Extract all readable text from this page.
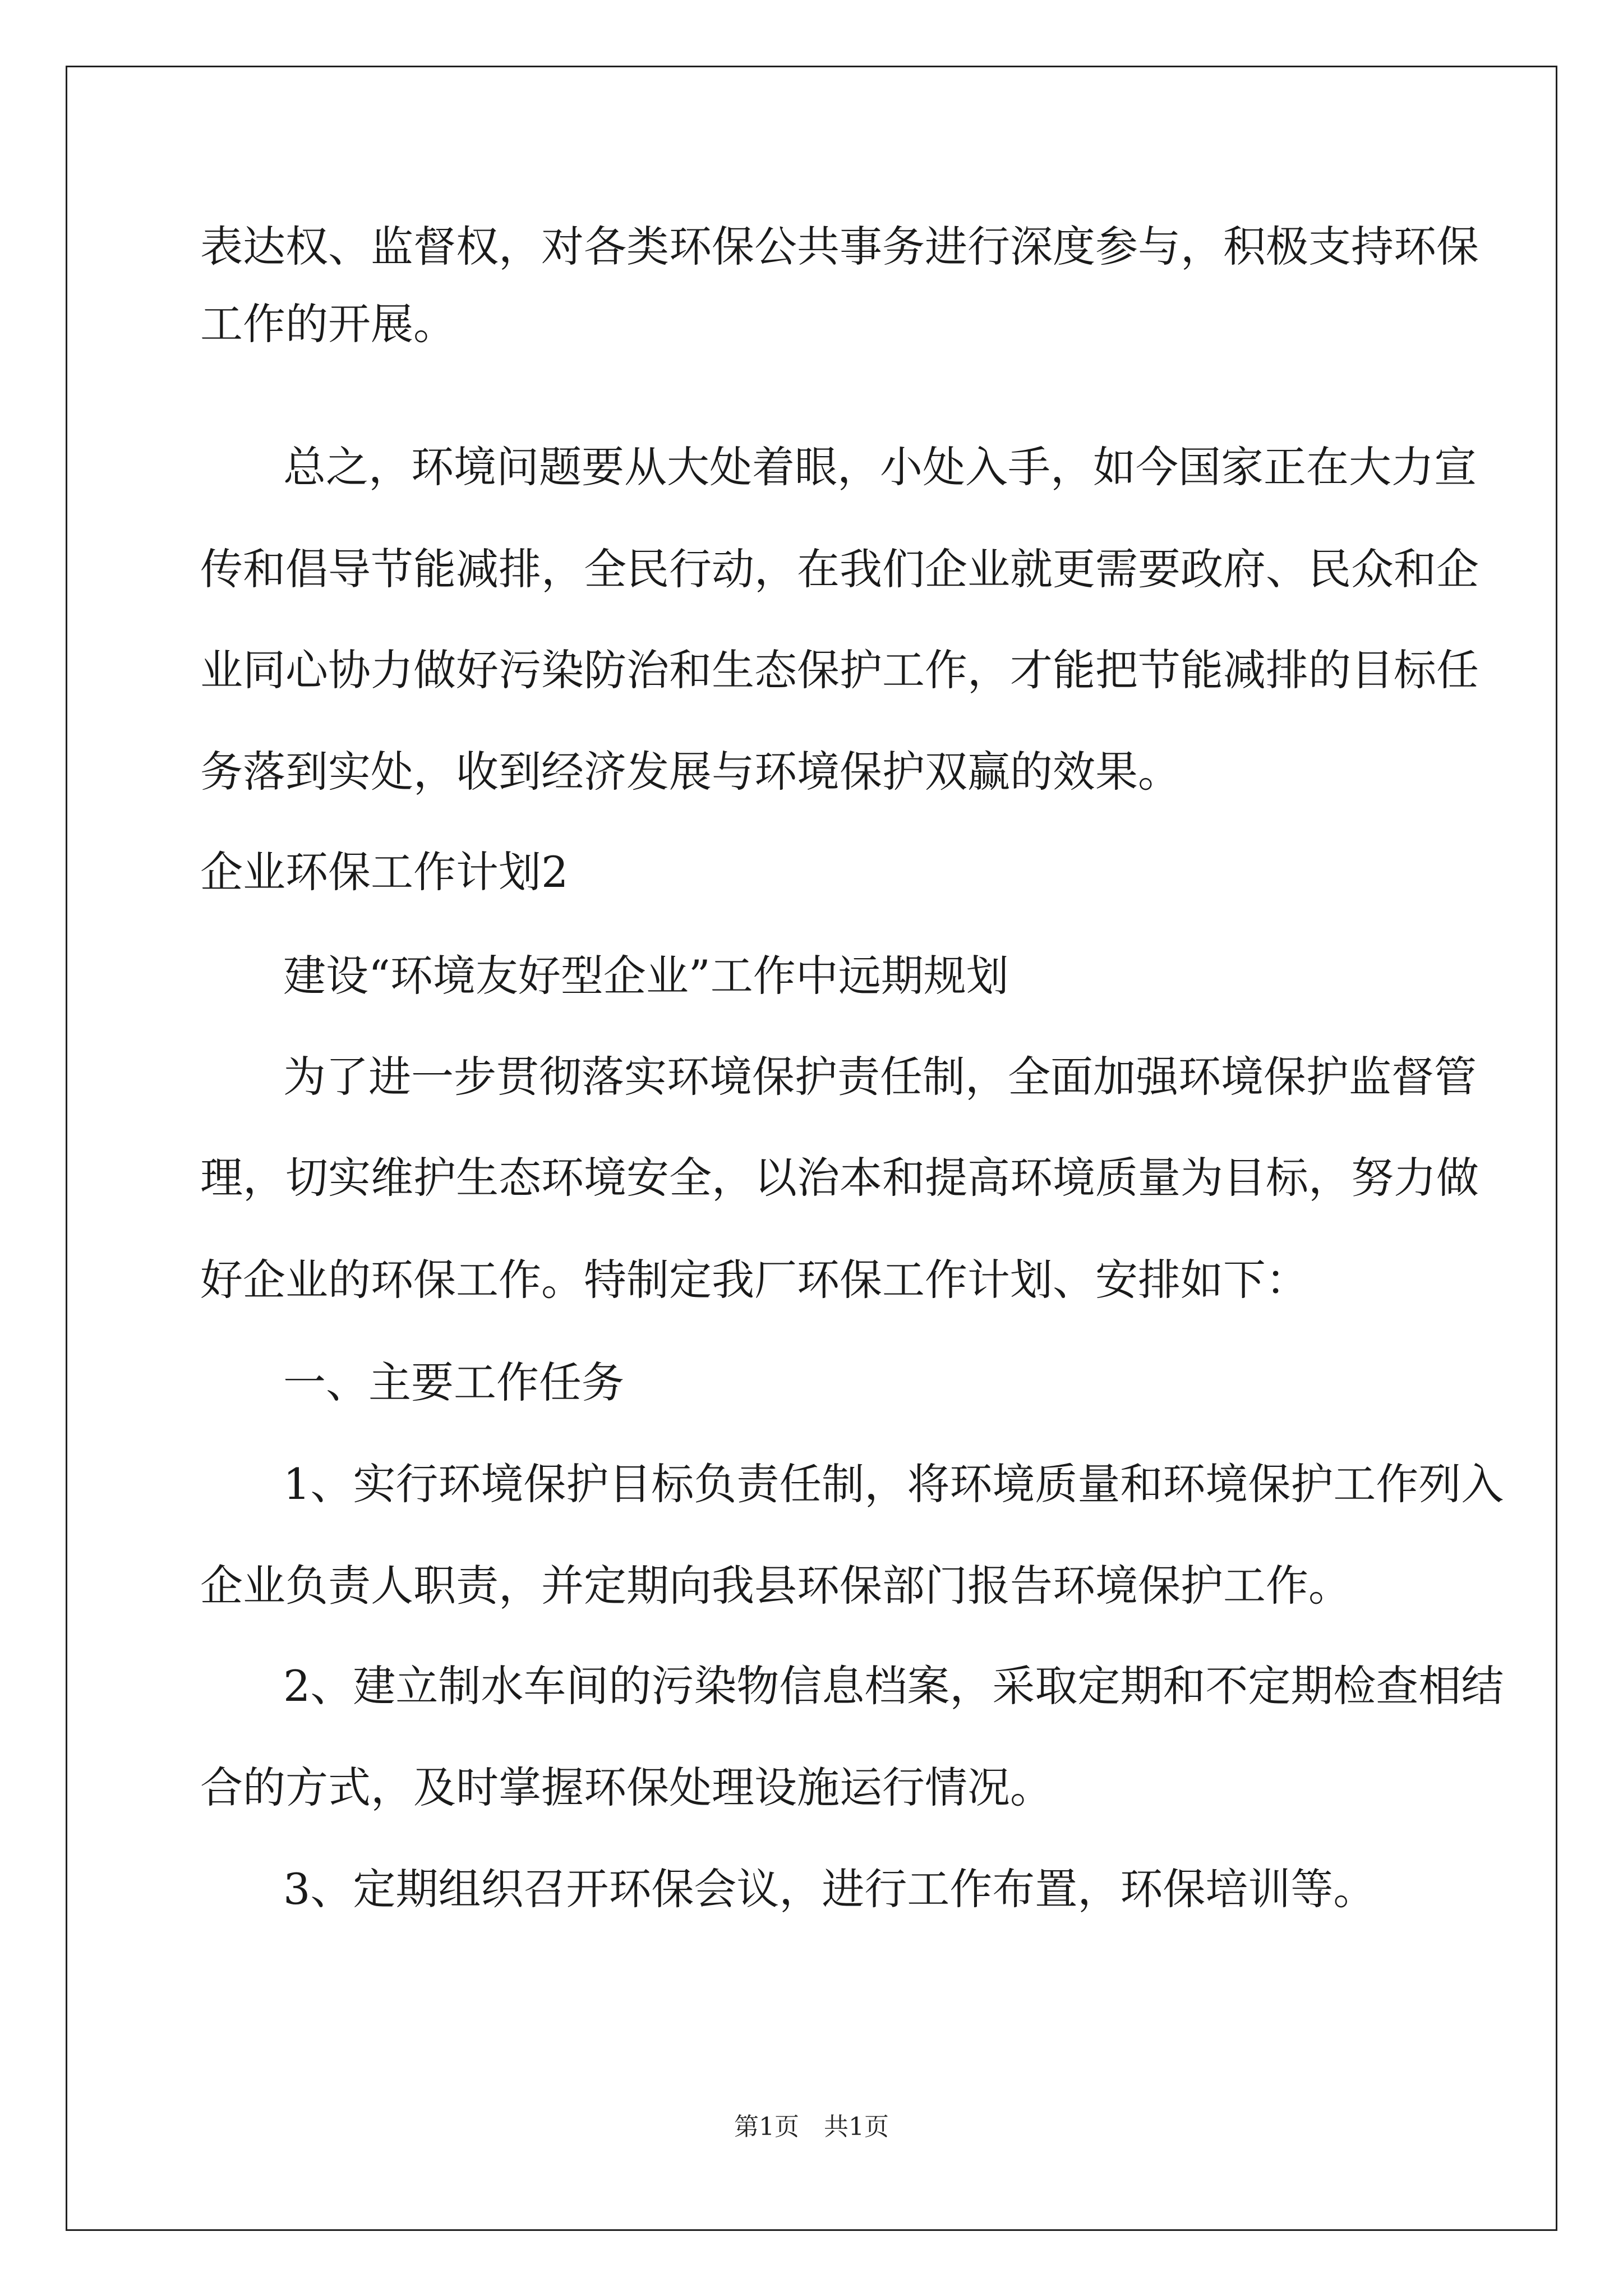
表达权、监督权，对各类环保公共事务进行深度参与，积极支持环保
工作的开展。
总之，环境问题要从大处着眼，小处入手，如今国家正在大力宣
传和倡导节能减排，全民行动，在我们企业就更需要政府、民众和企
业同心协力做好污染防治和生态保护工作，才能把节能减排的目标任
务落到实处，收到经济发展与环境保护双赢的效果。
企业环保工作计划2
建设“环境友好型企业”工作中远期规划
为了进一步贯彻落实环境保护责任制，全面加强环境保护监督管
理，切实维护生态环境安全，以治本和提高环境质量为目标，努力做
好企业的环保工作。特制定我厂环保工作计划、安排如下：
一、主要工作任务
1、实行环境保护目标负责任制，将环境质量和环境保护工作列入
企业负责人职责，并定期向我县环保部门报告环境保护工作。
2、建立制水车间的污染物信息档案，采取定期和不定期检查相结
合的方式，及时掌握环保处理设施运行情况。
3、定期组织召开环保会议，进行工作布置，环保培训等。
第1页　共1页
